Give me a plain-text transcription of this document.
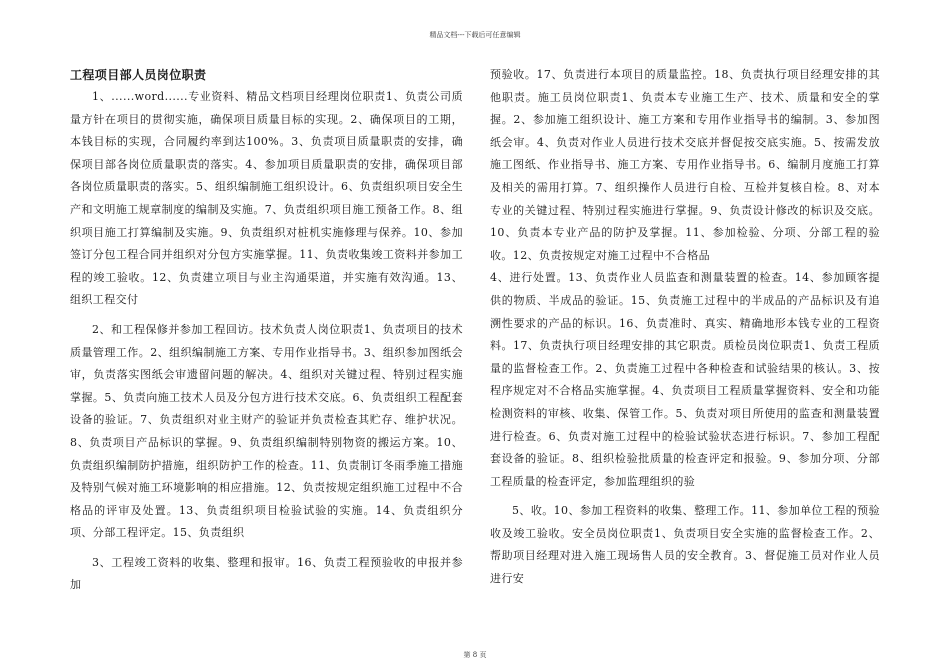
精品文档---下载后可任意编辑
工程项目部人员岗位职责

1、......word......专业资料、精品文档项目经理岗位职责1、负责公司质量方针在项目的贯彻实施，确保项目质量目标的实现。2、确保项目的工期，本钱目标的实现，合同履约率到达100%。3、负责项目质量职责的安排，确保项目部各岗位质量职责的落实。4、参加项目质量职责的安排，确保项目部各岗位质量职责的落实。5、组织编制施工组织设计。6、负责组织项目安全生产和文明施工规章制度的编制及实施。7、负责组织项目施工预备工作。8、组织项目施工打算编制及实施。9、负责组织对桩机实施修理与保养。10、参加签订分包工程合同并组织对分包方实施掌握。11、负责收集竣工资料并参加工程的竣工验收。12、负责建立项目与业主沟通渠道，并实施有效沟通。13、组织工程交付

2、和工程保修并参加工程回访。技术负责人岗位职责1、负责项目的技术质量管理工作。2、组织编制施工方案、专用作业指导书。3、组织参加图纸会审，负责落实图纸会审遗留问题的解决。4、组织对关键过程、特别过程实施掌握。5、负责向施工技术人员及分包方进行技术交底。6、负责组织工程配套设备的验证。7、负责组织对业主财产的验证并负责检查其贮存、维护状况。8、负责项目产品标识的掌握。9、负责组织编制特别物资的搬运方案。10、负责组织编制防护措施，组织防护工作的检查。11、负责制订冬雨季施工措施及特别气候对施工环境影响的相应措施。12、负责按规定组织施工过程中不合格品的评审及处置。13、负责组织项目检验试验的实施。14、负责组织分项、分部工程评定。15、负责组织

3、工程竣工资料的收集、整理和报审。16、负责工程预验收的申报并参加

预验收。17、负责进行本项目的质量监控。18、负责执行项目经理安排的其他职责。施工员岗位职责1、负责本专业施工生产、技术、质量和安全的掌握。2、参加施工组织设计、施工方案和专用作业指导书的编制。3、参加图纸会审。4、负责对作业人员进行技术交底并督促按交底实施。5、按需发放施工图纸、作业指导书、施工方案、专用作业指导书。6、编制月度施工打算及相关的需用打算。7、组织操作人员进行自检、互检并复核自检。8、对本专业的关键过程、特别过程实施进行掌握。9、负责设计修改的标识及交底。10、负责本专业产品的防护及掌握。11、参加检验、分项、分部工程的验收。12、负责按规定对施工过程中不合格品

4、进行处置。13、负责作业人员监查和测量装置的检查。14、参加顾客提供的物质、半成品的验证。15、负责施工过程中的半成品的产品标识及有追溯性要求的产品的标识。16、负责准时、真实、精确地形本钱专业的工程资料。17、负责执行项目经理安排的其它职责。质检员岗位职责1、负责工程质量的监督检查工作。2、负责施工过程中各种检查和试验结果的核认。3、按程序规定对不合格品实施掌握。4、负责项目工程质量掌握资料、安全和功能检测资料的审核、收集、保管工作。5、负责对项目所使用的监查和测量装置进行检查。6、负责对施工过程中的检验试验状态进行标识。7、参加工程配套设备的验证。8、组织检验批质量的检查评定和报验。9、参加分项、分部工程质量的检查评定，参加监理组织的验

5、收。10、参加工程资料的收集、整理工作。11、参加单位工程的预验收及竣工验收。安全员岗位职责1、负责项目安全实施的监督检查工作。2、帮助项目经理对进入施工现场售人员的安全教育。3、督促施工员对作业人员进行安

第 8 页
